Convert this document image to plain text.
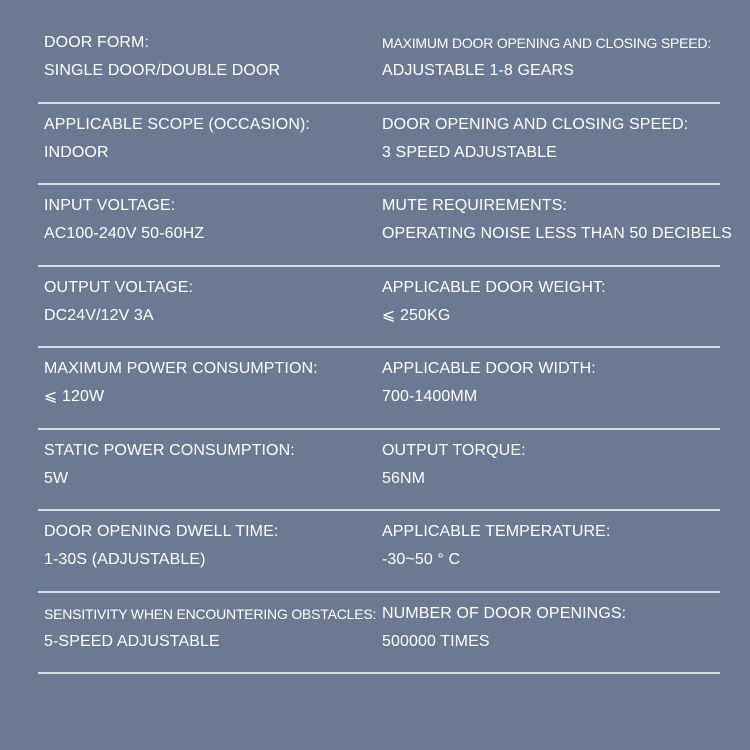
DOOR FORM:
SINGLE DOOR/DOUBLE DOOR
MAXIMUM DOOR OPENING AND CLOSING SPEED:
ADJUSTABLE 1-8 GEARS
APPLICABLE SCOPE (OCCASION):
INDOOR
DOOR OPENING AND CLOSING SPEED:
3 SPEED ADJUSTABLE
INPUT VOLTAGE:
AC100-240V 50-60HZ
MUTE REQUIREMENTS:
OPERATING NOISE LESS THAN 50 DECIBELS
OUTPUT VOLTAGE:
DC24V/12V 3A
APPLICABLE DOOR WEIGHT:
⩽ 250KG
MAXIMUM POWER CONSUMPTION:
⩽ 120W
APPLICABLE DOOR WIDTH:
700-1400MM
STATIC POWER CONSUMPTION:
5W
OUTPUT TORQUE:
56NM
DOOR OPENING DWELL TIME:
1-30S (ADJUSTABLE)
APPLICABLE TEMPERATURE:
-30~50 ° C
SENSITIVITY WHEN ENCOUNTERING OBSTACLES:
5-SPEED ADJUSTABLE
NUMBER OF DOOR OPENINGS:
500000 TIMES
